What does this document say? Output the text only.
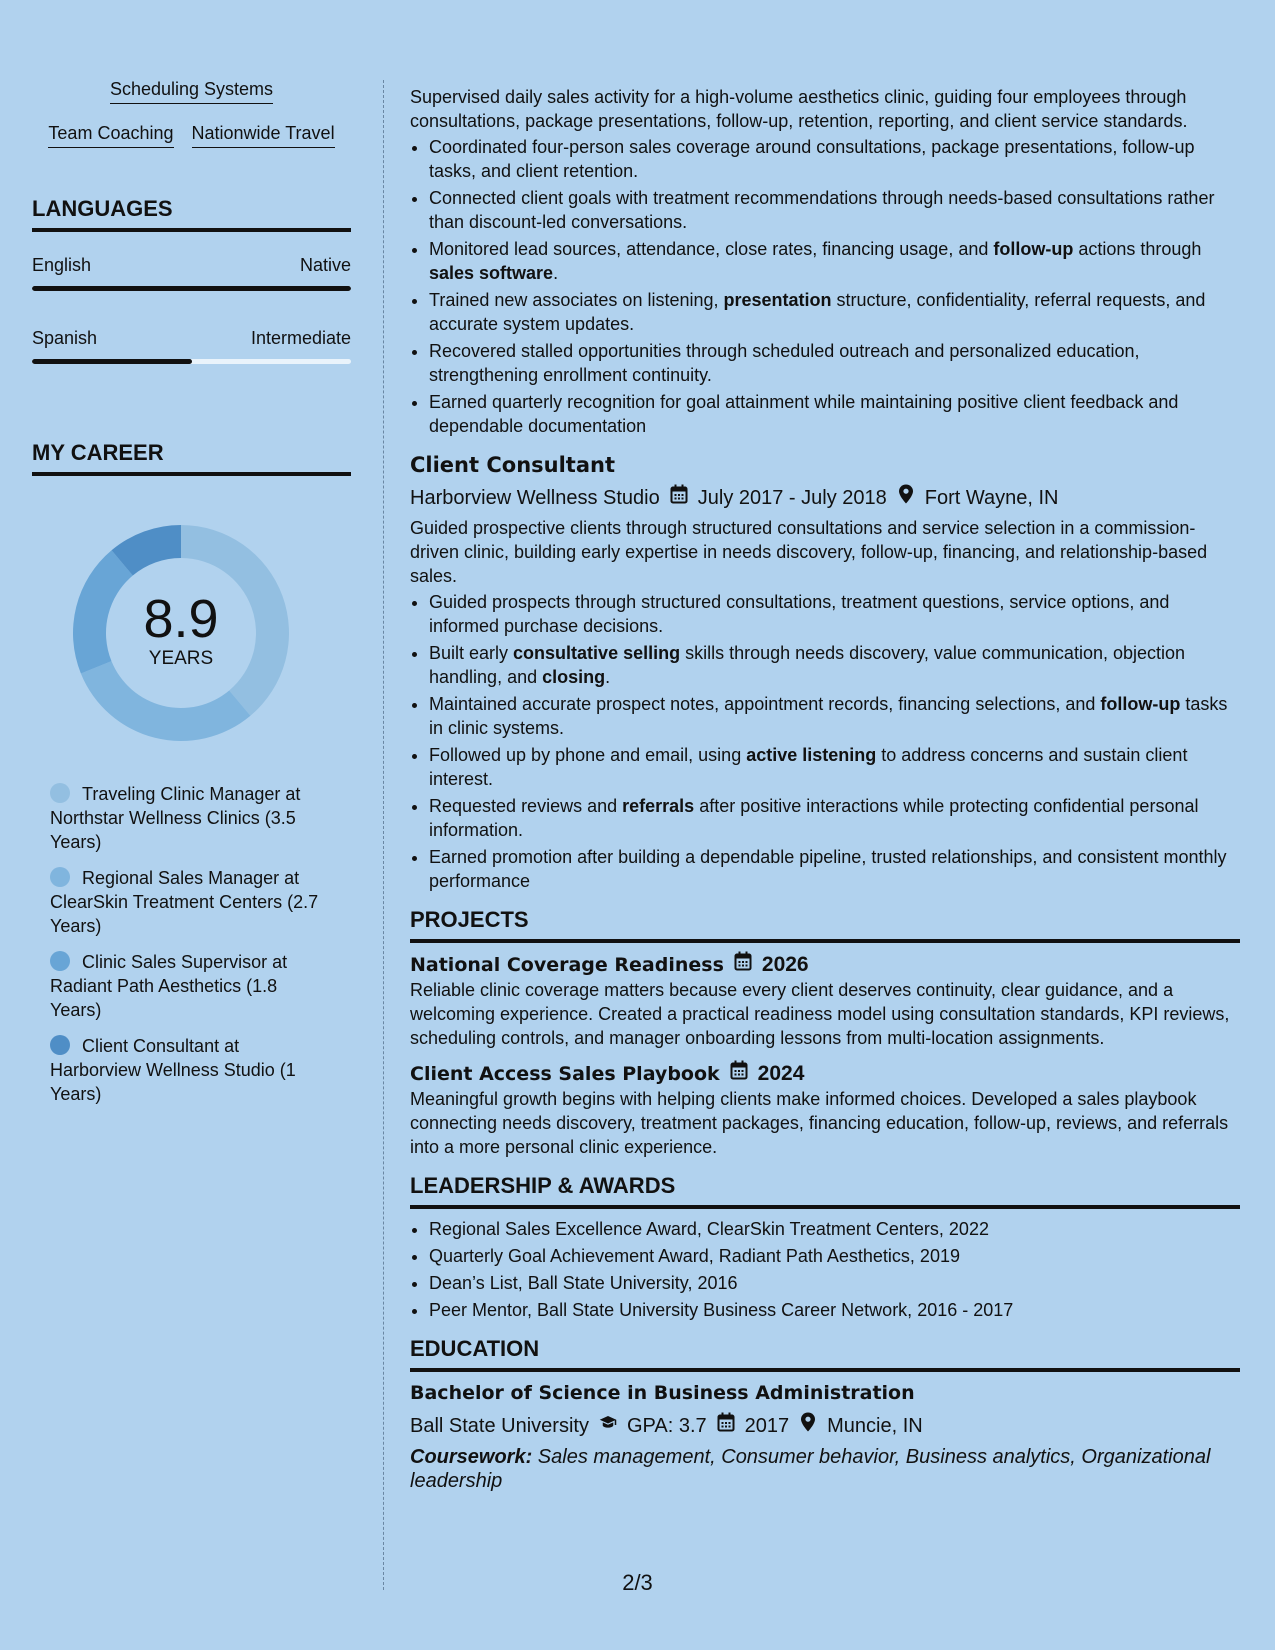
Scheduling Systems
Team Coaching Nationwide Travel
LANGUAGES
English	Native
Spanish	Intermediate
MY CAREER
8.9
YEARS
Traveling Clinic Manager at Northstar Wellness Clinics (3.5 Years)
Regional Sales Manager at ClearSkin Treatment Centers (2.7 Years)
Clinic Sales Supervisor at Radiant Path Aesthetics (1.8 Years)
Client Consultant at Harborview Wellness Studio (1 Years)

Supervised daily sales activity for a high-volume aesthetics clinic, guiding four employees through consultations, package presentations, follow-up, retention, reporting, and client service standards.

• Coordinated four-person sales coverage around consultations, package presentations, follow-up tasks, and client retention.
• Connected client goals with treatment recommendations through needs-based consultations rather than discount-led conversations.
• Monitored lead sources, attendance, close rates, financing usage, and follow-up actions through sales software.
• Trained new associates on listening, presentation structure, confidentiality, referral requests, and accurate system updates.
• Recovered stalled opportunities through scheduled outreach and personalized education, strengthening enrollment continuity.
• Earned quarterly recognition for goal attainment while maintaining positive client feedback and dependable documentation
Client Consultant
Harborview Wellness Studio July 2017 - July 2018 Fort Wayne, IN

Guided prospective clients through structured consultations and service selection in a commission-driven clinic, building early expertise in needs discovery, follow-up, financing, and relationship-based sales.

• Guided prospects through structured consultations, treatment questions, service options, and informed purchase decisions.
• Built early consultative selling skills through needs discovery, value communication, objection handling, and closing.
• Maintained accurate prospect notes, appointment records, financing selections, and follow-up tasks in clinic systems.
• Followed up by phone and email, using active listening to address concerns and sustain client interest.
• Requested reviews and referrals after positive interactions while protecting confidential personal information.
• Earned promotion after building a dependable pipeline, trusted relationships, and consistent monthly performance
PROJECTS
National Coverage Readiness 2026

Reliable clinic coverage matters because every client deserves continuity, clear guidance, and a welcoming experience. Created a practical readiness model using consultation standards, KPI reviews, scheduling controls, and manager onboarding lessons from multi-location assignments.

Client Access Sales Playbook 2024

Meaningful growth begins with helping clients make informed choices. Developed a sales playbook connecting needs discovery, treatment packages, financing education, follow-up, reviews, and referrals into a more personal clinic experience.

LEADERSHIP & AWARDS
• Regional Sales Excellence Award, ClearSkin Treatment Centers, 2022
• Quarterly Goal Achievement Award, Radiant Path Aesthetics, 2019
• Dean’s List, Ball State University, 2016
• Peer Mentor, Ball State University Business Career Network, 2016 - 2017
EDUCATION
Bachelor of Science in Business Administration
Ball State University GPA: 3.7 2017 Muncie, IN
Coursework: Sales management, Consumer behavior, Business analytics, Organizational leadership
2/3
